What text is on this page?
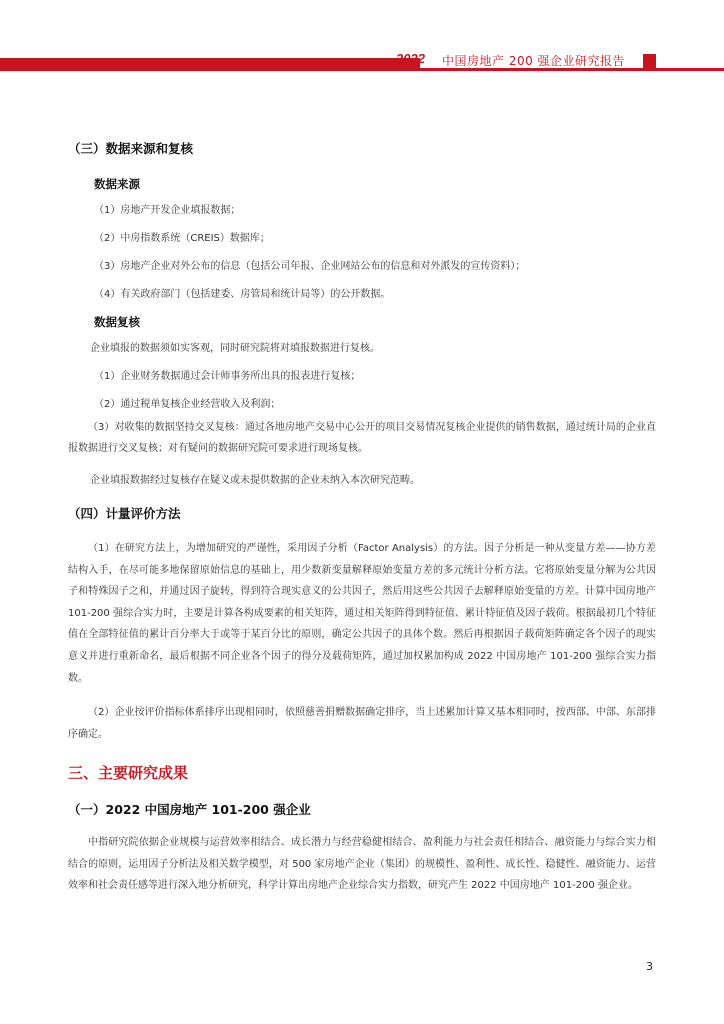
2022 中国房地产 200 强企业研究报告
（三）数据来源和复核
数据来源
（1）房地产开发企业填报数据；
（2）中房指数系统（CREIS）数据库；
（3）房地产企业对外公布的信息（包括公司年报、企业网站公布的信息和对外派发的宣传资料）；
（4）有关政府部门（包括建委、房管局和统计局等）的公开数据。
数据复核
企业填报的数据须如实客观，同时研究院将对填报数据进行复核。
（1）企业财务数据通过会计师事务所出具的报表进行复核；
（2）通过税单复核企业经营收入及利润；
（3）对收集的数据坚持交叉复核：通过各地房地产交易中心公开的项目交易情况复核企业提供的销售数据，通过统计局的企业直报数据进行交叉复核；对有疑问的数据研究院可要求进行现场复核。
企业填报数据经过复核存在疑义或未提供数据的企业未纳入本次研究范畴。
（四）计量评价方法
（1）在研究方法上，为增加研究的严谨性，采用因子分析（Factor Analysis）的方法。因子分析是一种从变量方差——协方差结构入手，在尽可能多地保留原始信息的基础上，用少数新变量解释原始变量方差的多元统计分析方法。它将原始变量分解为公共因子和特殊因子之和，并通过因子旋转，得到符合现实意义的公共因子，然后用这些公共因子去解释原始变量的方差。计算中国房地产 101-200 强综合实力时，主要是计算各构成要素的相关矩阵，通过相关矩阵得到特征值、累计特征值及因子载荷。根据最初几个特征值在全部特征值的累计百分率大于或等于某百分比的原则，确定公共因子的具体个数。然后再根据因子载荷矩阵确定各个因子的现实意义并进行重新命名，最后根据不同企业各个因子的得分及载荷矩阵，通过加权累加构成 2022 中国房地产 101-200 强综合实力指数。
（2）企业按评价指标体系排序出现相同时，依照慈善捐赠数据确定排序，当上述累加计算又基本相同时，按西部、中部、东部排序确定。
三、主要研究成果
（一）2022 中国房地产 101-200 强企业
中指研究院依据企业规模与运营效率相结合、成长潜力与经营稳健相结合、盈利能力与社会责任相结合、融资能力与综合实力相结合的原则，运用因子分析法及相关数学模型，对 500 家房地产企业（集团）的规模性、盈利性、成长性、稳健性、融资能力、运营效率和社会责任感等进行深入地分析研究，科学计算出房地产企业综合实力指数，研究产生 2022 中国房地产 101-200 强企业。
3
